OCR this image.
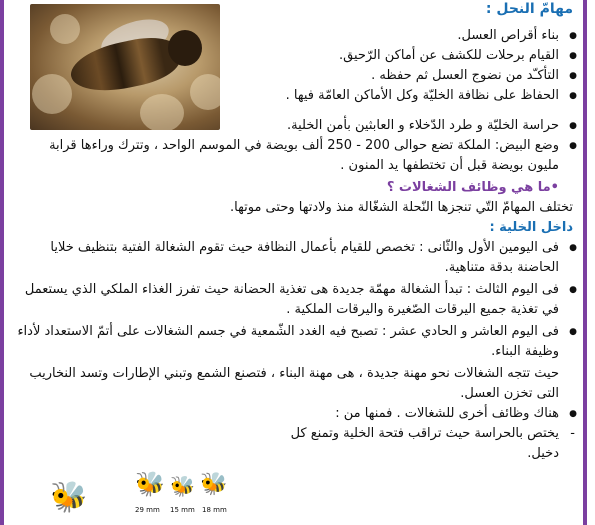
مهامّ النحل :
● بناء أقراص العسل.
● القيام برحلات للكشف عن أماكن الرّحيق.
● التأكـّد من نضوج العسل ثم حفظه .
● الحفاظ على نظافة الخليّة وكل الأماكن العامّة فيها .
● حراسة الخليّة و طرد الدّخلاء و العابثين بأمن الخلية.
● وضع البيض: الملكة تضع حوالى 200 - 250 ألف بويضة في الموسم الواحد ، وتترك وراءها قرابة مليون بويضة قبل أن تختطفها يد المنون .
•ما هي وظائف الشغالات ؟
تختلف المهامّ التّي تنجزها النّحلة الشغّالة منذ ولادتها وحتى موتها.
داخل الخلية :
● فى اليومين الأول والثّانى : تخصص للقيام بأعمال النظافة حيث تقوم الشغالة الفتية بتنظيف خلايا الحاضنة بدقة متناهية.
● فى اليوم الثالث : تبدأ الشغالة مهمّة جديدة هى تغذية الحضانة حيث تفرز الغذاء الملكي الذي يستعمل في تغذية جميع اليرقات الصّغيرة واليرقات الملكية .
● فى اليوم العاشر و الحادي عشر : تصبح فيه الغدد الشّمعية في جسم الشغالات على أتمّ الاستعداد لأداء وظيفة البناء.
حيث تتجه الشغالات نحو مهنة جديدة ، هى مهنة البناء ، فتصنع الشمع وتبني الإطارات وتسد النخاريب التى تخزن العسل.
● هناك وظائف أخرى للشغالات . فمنها من :
- يختص بالحراسة حيث تراقب فتحة الخلية وتمنع كل دخيل.
🐝 🐝 🐝 🐝
29 mm 15 mm 18 mm
